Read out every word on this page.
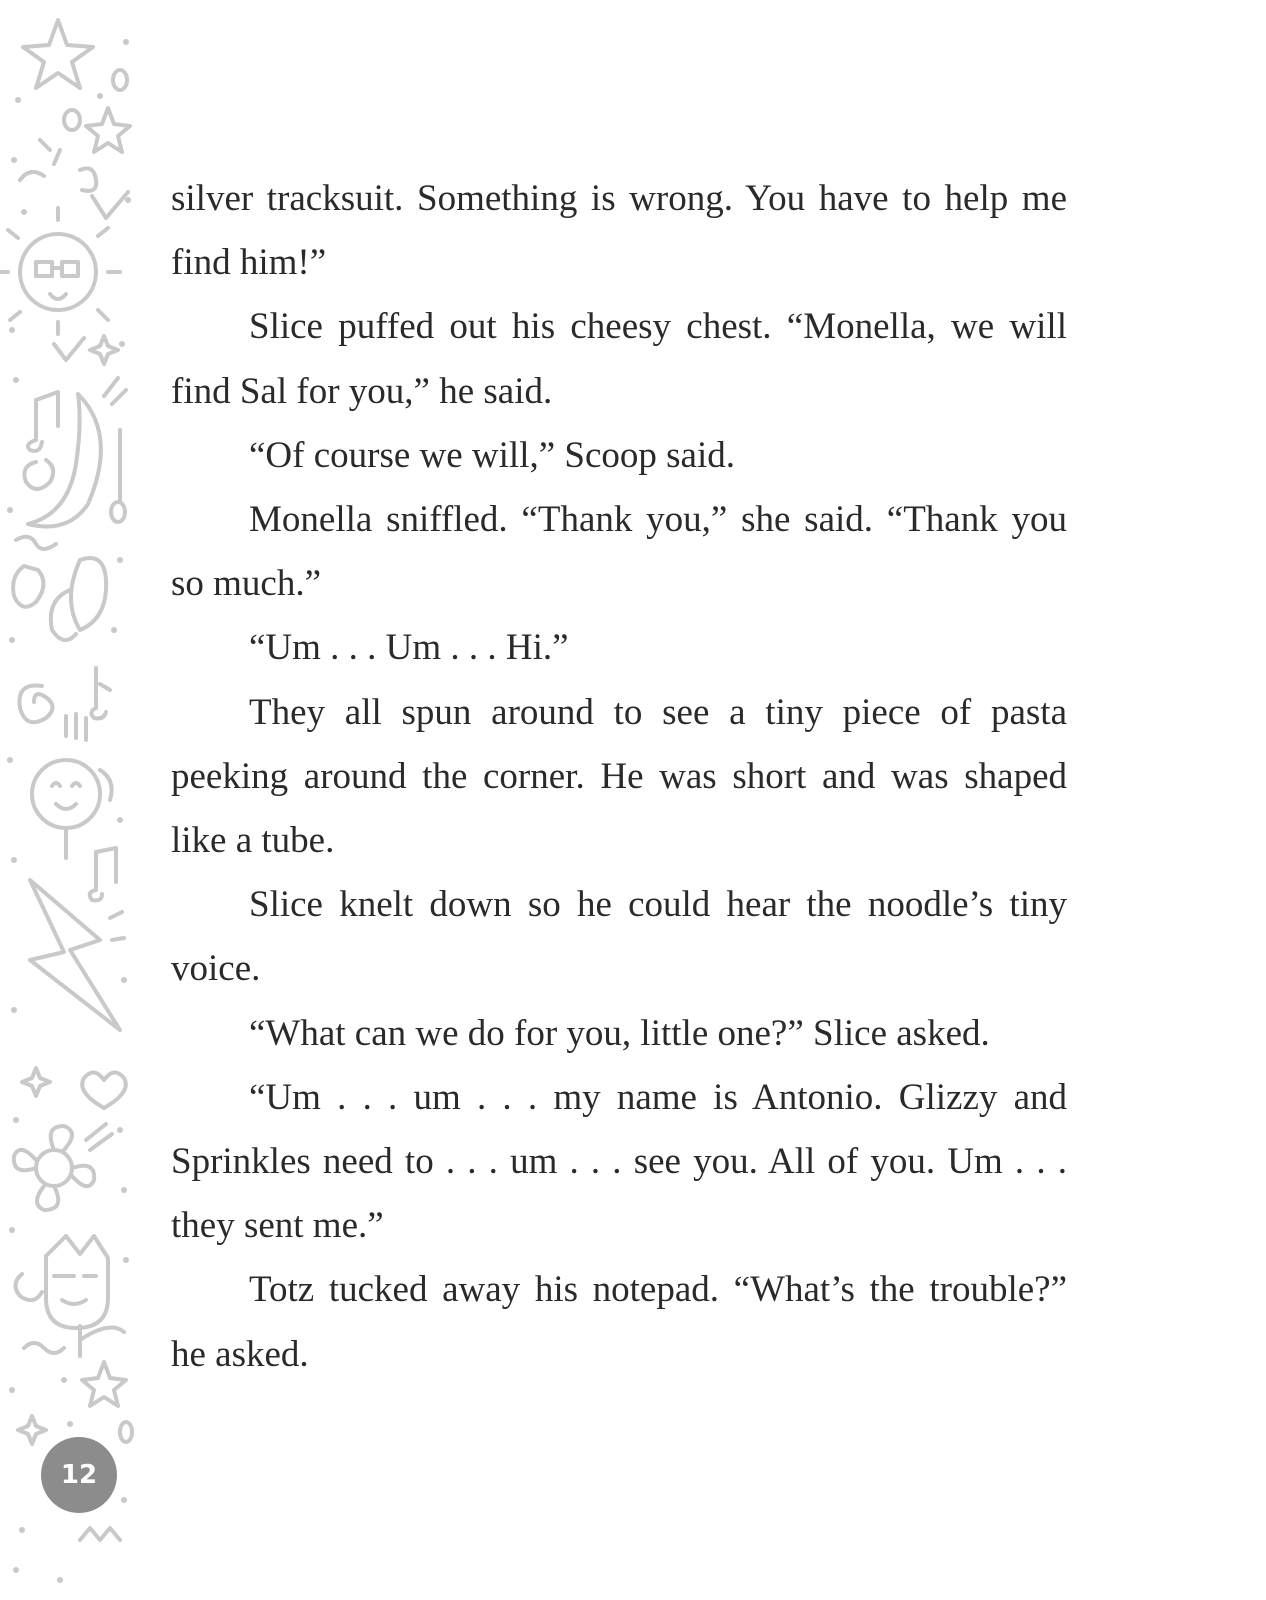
12

silver tracksuit. Something is wrong. You have to help me find him!”

Slice puffed out his cheesy chest. “Monella, we will find Sal for you,” he said.

“Of course we will,” Scoop said.

Monella sniffled. “Thank you,” she said. “Thank you so much.”

“Um . . . Um . . . Hi.”

They all spun around to see a tiny piece of pasta peeking around the corner. He was short and was shaped like a tube.

Slice knelt down so he could hear the noodle’s tiny voice.

“What can we do for you, little one?” Slice asked.

“Um . . . um . . . my name is Antonio. Glizzy and Sprinkles need to . . . um . . . see you. All of you. Um . . . they sent me.”

Totz tucked away his notepad. “What’s the trouble?” he asked.
